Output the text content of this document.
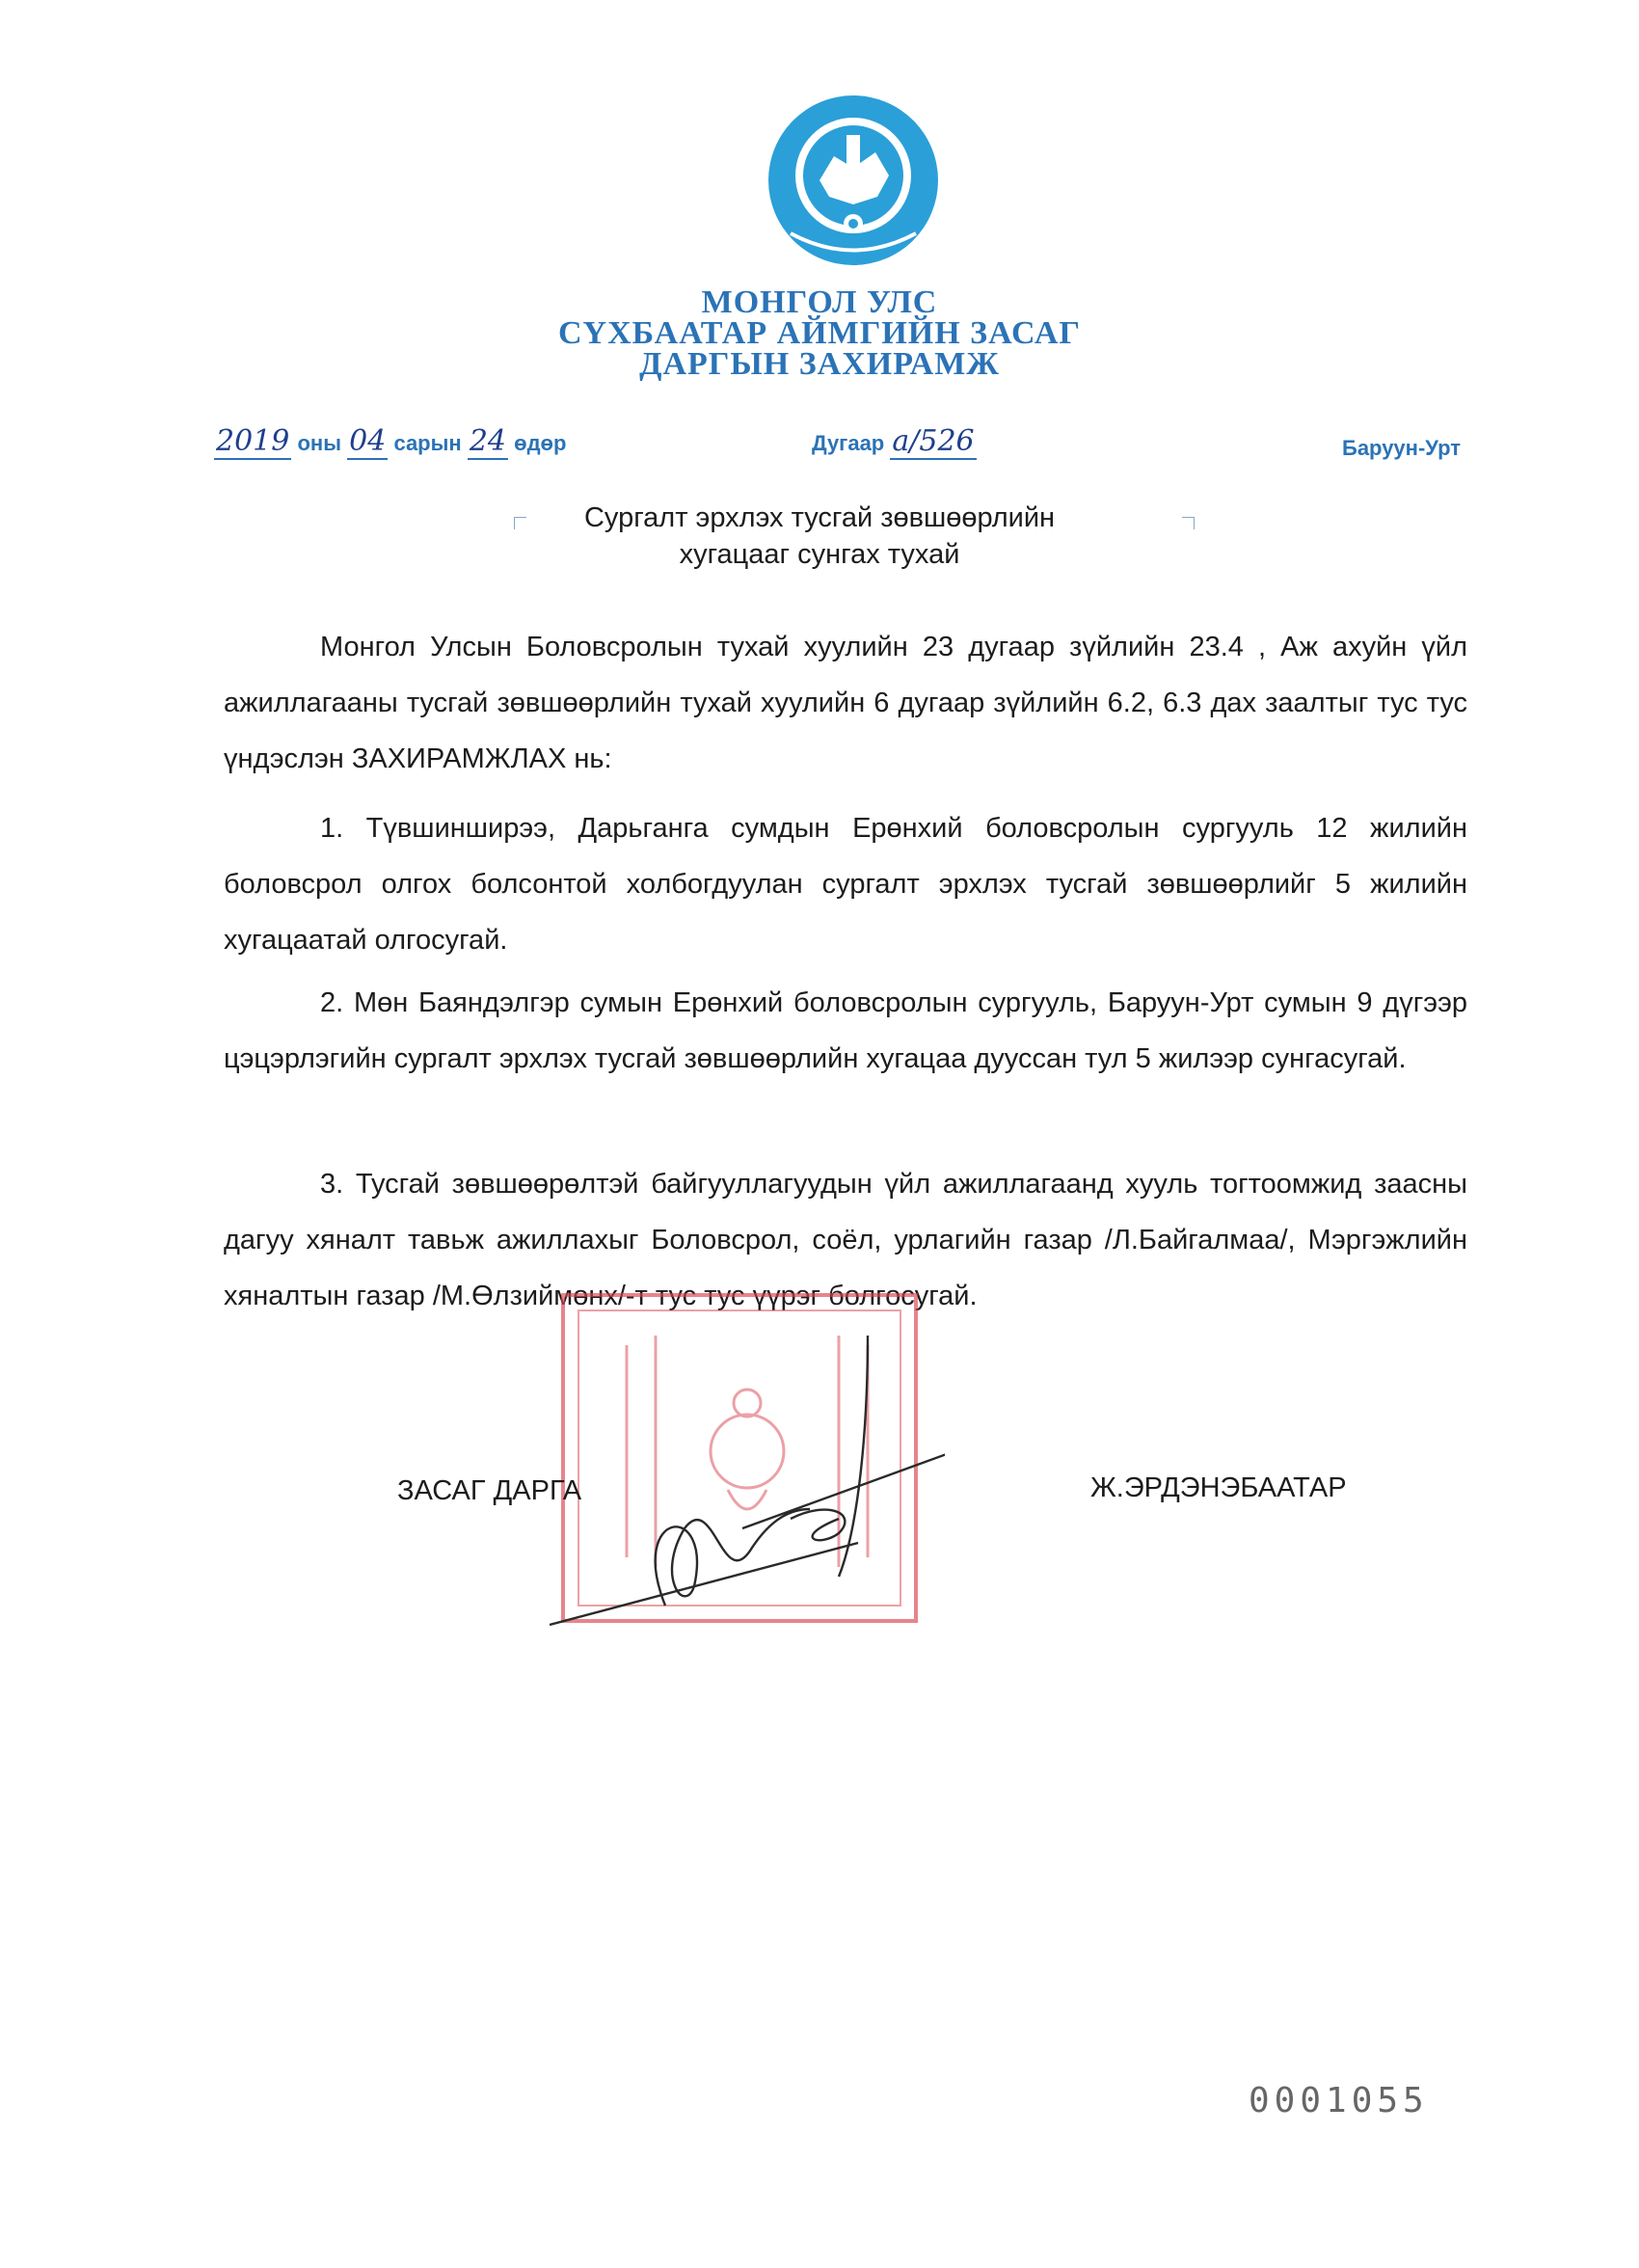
МОНГОЛ УЛС
СҮХБААТАР АЙМГИЙН ЗАСАГ
ДАРГЫН ЗАХИРАМЖ
2019 оны 04 сарын 24 өдөр	Дугаар а/526	Баруун-Урт
Сургалт эрхлэх тусгай зөвшөөрлийн
хугацааг сунгах тухай
Монгол Улсын Боловсролын тухай хуулийн 23 дугаар зүйлийн 23.4 , Аж ахуйн үйл ажиллагааны тусгай зөвшөөрлийн тухай хуулийн 6 дугаар зүйлийн 6.2, 6.3 дах заалтыг тус тус үндэслэн ЗАХИРАМЖЛАХ нь:
1. Түвшинширээ, Дарьганга сумдын Ерөнхий боловсролын сургууль 12 жилийн боловсрол олгох болсонтой холбогдуулан сургалт эрхлэх тусгай зөвшөөрлийг 5 жилийн хугацаатай олгосугай.
2. Мөн Баяндэлгэр сумын Ерөнхий боловсролын сургууль, Баруун-Урт сумын 9 дүгээр цэцэрлэгийн сургалт эрхлэх тусгай зөвшөөрлийн хугацаа дууссан тул 5 жилээр сунгасугай.
3. Тусгай зөвшөөрөлтэй байгууллагуудын үйл ажиллагаанд хууль тогтоомжид заасны дагуу хяналт тавьж ажиллахыг Боловсрол, соёл, урлагийн газар /Л.Байгалмаа/, Мэргэжлийн хяналтын газар /М.Өлзиймөнх/-т тус тус үүрэг болгосугай.
ЗАСАГ ДАРГА	Ж.ЭРДЭНЭБААТАР
0001055
